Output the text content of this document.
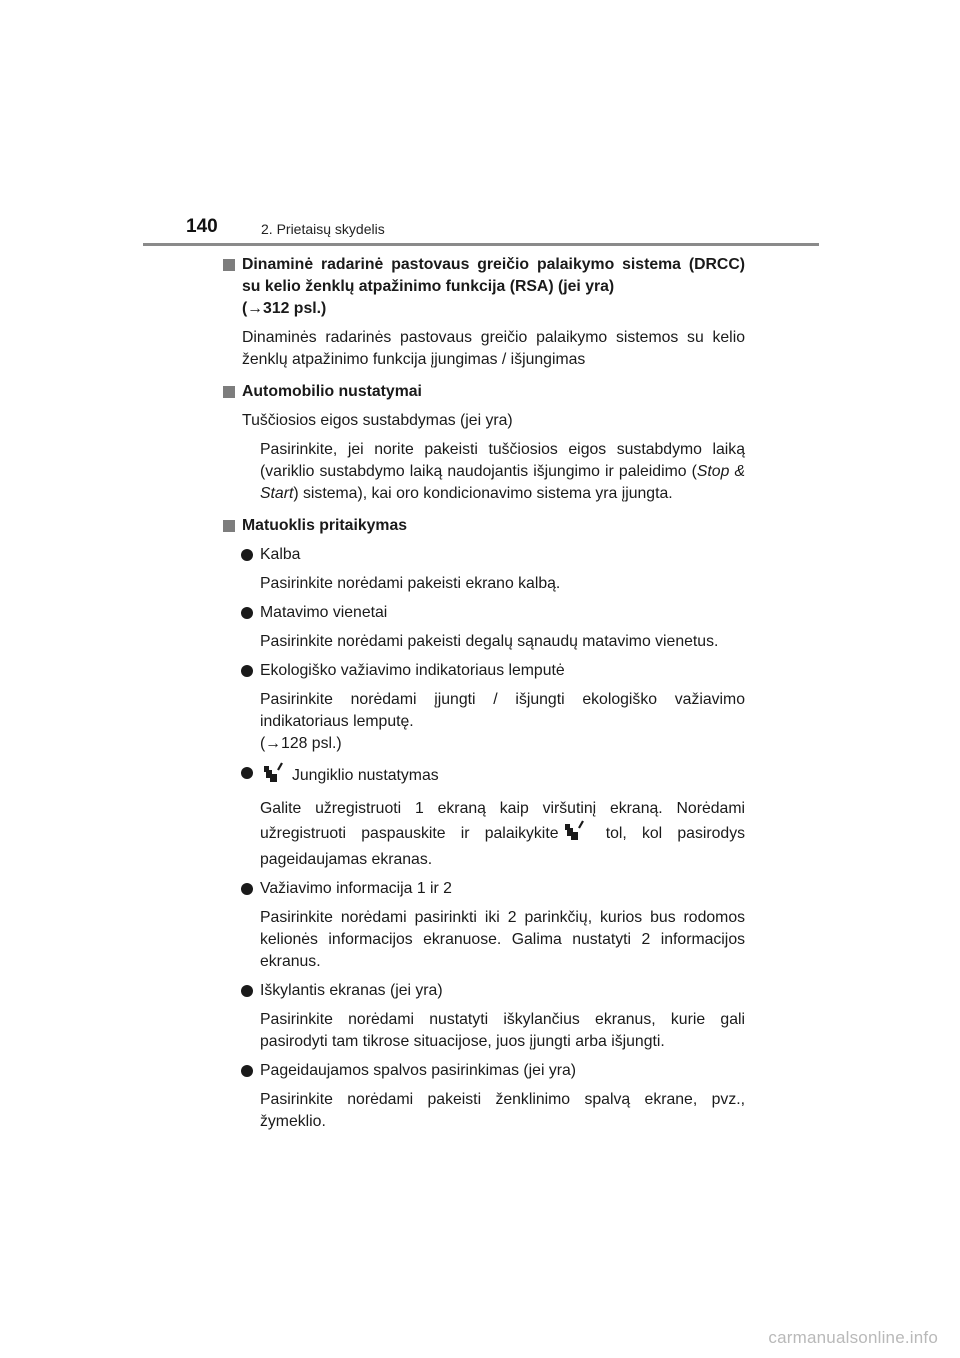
140	2. Prietaisų skydelis
Dinaminė radarinė pastovaus greičio palaikymo sistema (DRCC) su kelio ženklų atpažinimo funkcija (RSA) (jei yra)
(→312 psl.)
Dinaminės radarinės pastovaus greičio palaikymo sistemos su kelio ženklų atpažinimo funkcija įjungimas / išjungimas
Automobilio nustatymai
Tuščiosios eigos sustabdymas (jei yra)
Pasirinkite, jei norite pakeisti tuščiosios eigos sustabdymo laiką (variklio sustabdymo laiką naudojantis išjungimo ir paleidimo (Stop & Start) sistema), kai oro kondicionavimo sistema yra įjungta.
Matuoklis pritaikymas
Kalba
Pasirinkite norėdami pakeisti ekrano kalbą.
Matavimo vienetai
Pasirinkite norėdami pakeisti degalų sąnaudų matavimo vienetus.
Ekologiško važiavimo indikatoriaus lemputė
Pasirinkite norėdami įjungti / išjungti ekologiško važiavimo indikatoriaus lemputę.
(→128 psl.)
Jungiklio nustatymas
Galite užregistruoti 1 ekraną kaip viršutinį ekraną. Norėdami užregistruoti paspauskite ir palaikykite	tol, kol pasirodys pageidaujamas ekranas.
Važiavimo informacija 1 ir 2
Pasirinkite norėdami pasirinkti iki 2 parinkčių, kurios bus rodomos kelionės informacijos ekranuose. Galima nustatyti 2 informacijos ekranus.
Iškylantis ekranas (jei yra)
Pasirinkite norėdami nustatyti iškylančius ekranus, kurie gali pasirodyti tam tikrose situacijose, juos įjungti arba išjungti.
Pageidaujamos spalvos pasirinkimas (jei yra)
Pasirinkite norėdami pakeisti ženklinimo spalvą ekrane, pvz., žymeklio.
carmanualsonline.info
